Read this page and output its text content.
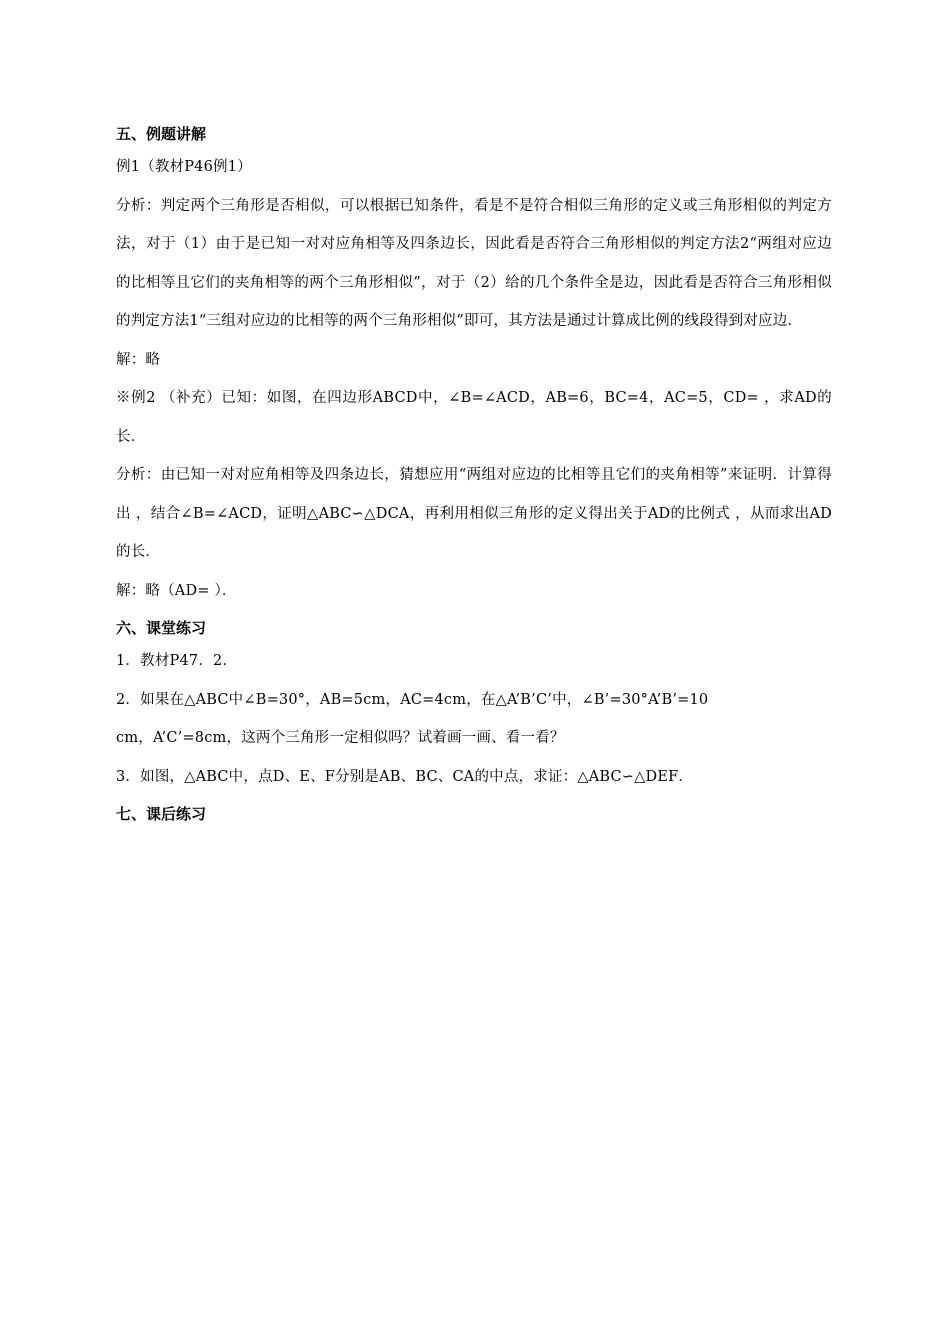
五、例题讲解

例1（教材P46例1）

分析：判定两个三角形是否相似，可以根据已知条件，看是不是符合相似三角形的定义或三角形相似的判定方法，对于（1）由于是已知一对对应角相等及四条边长，因此看是否符合三角形相似的判定方法2“两组对应边的比相等且它们的夹角相等的两个三角形相似”，对于（2）给的几个条件全是边，因此看是否符合三角形相似的判定方法1“三组对应边的比相等的两个三角形相似”即可，其方法是通过计算成比例的线段得到对应边．

解：略

※例2 （补充）已知：如图，在四边形ABCD中，∠B=∠ACD，AB=6，BC=4，AC=5，CD= ，求AD的长．

分析：由已知一对对应角相等及四条边长，猜想应用“两组对应边的比相等且它们的夹角相等”来证明．计算得出 ，结合∠B=∠ACD，证明△ABC∽△DCA，再利用相似三角形的定义得出关于AD的比例式 ，从而求出AD的长．

解：略（AD= ）．

六、课堂练习

1．教材P47．2．

2．如果在△ABC中∠B=30°，AB=5cm，AC=4cm，在△A’B’C’中，∠B’=30°A’B’=10

cm，A’C’=8cm，这两个三角形一定相似吗？试着画一画、看一看？

3．如图，△ABC中，点D、E、F分别是AB、BC、CA的中点，求证：△ABC∽△DEF．

七、课后练习
